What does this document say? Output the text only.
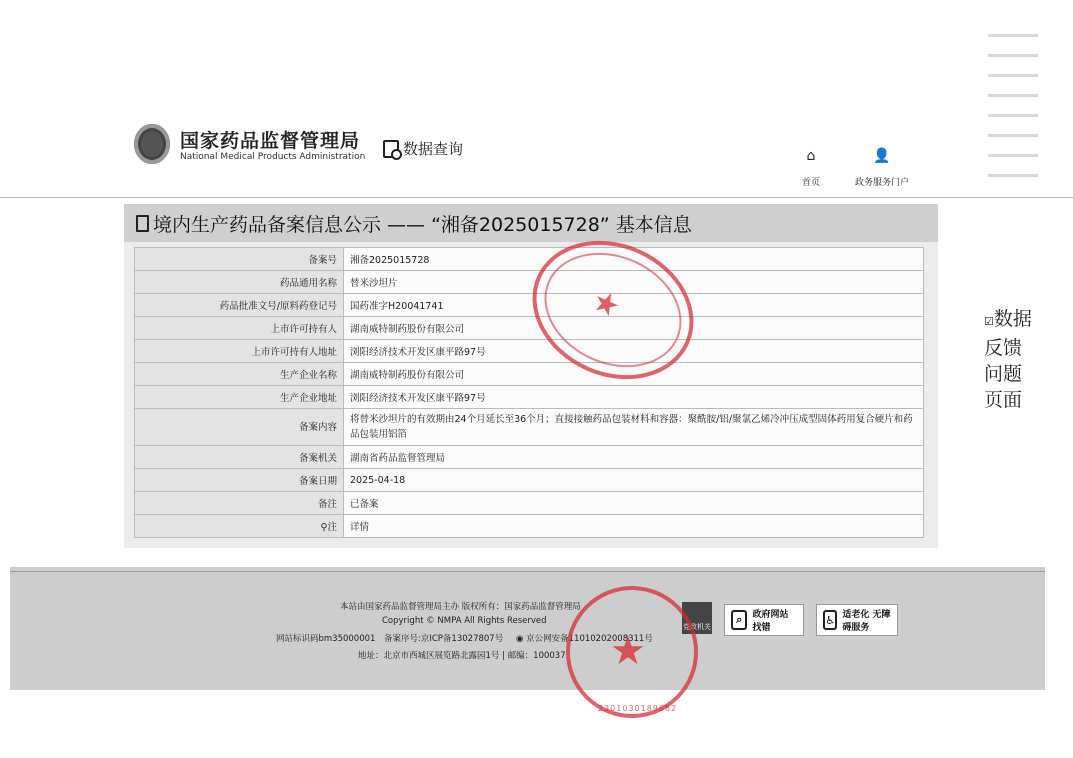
国家药品监督管理局
National Medical Products Administration	数据查询	⌂
首页
👤
政务服务门户
境内生产药品备案信息公示 —— “湘备2025015728” 基本信息
备案号	湘备2025015728
药品通用名称	替米沙坦片
药品批准文号/原料药登记号	国药准字H20041741
上市许可持有人	湖南威特制药股份有限公司
上市许可持有人地址	浏阳经济技术开发区康平路97号
生产企业名称	湖南威特制药股份有限公司
生产企业地址	浏阳经济技术开发区康平路97号
备案内容	将替米沙坦片的有效期由24个月延长至36个月；直接接触药品包装材料和容器：聚酰胺/铝/聚氯乙烯冷冲压成型固体药用复合硬片和药品包装用铝箔
备案机关	湖南省药品监督管理局
备案日期	2025-04-18
备注	已备案
⚲注	详情
★	☑数据
反馈
问题
页面
本站由国家药品监督管理局主办 版权所有：国家药品监督管理局
Copyright © NMPA All Rights Reserved
网站标识码bm35000001 备案序号:京ICP备13027807号 ◉ 京公网安备11010202008311号
地址：北京市西城区展览路北露园1号 | 邮编：100037
党政机关
⌕	政府网站 找错
♿ 适老化 无障碍服务
★
2301030189682
